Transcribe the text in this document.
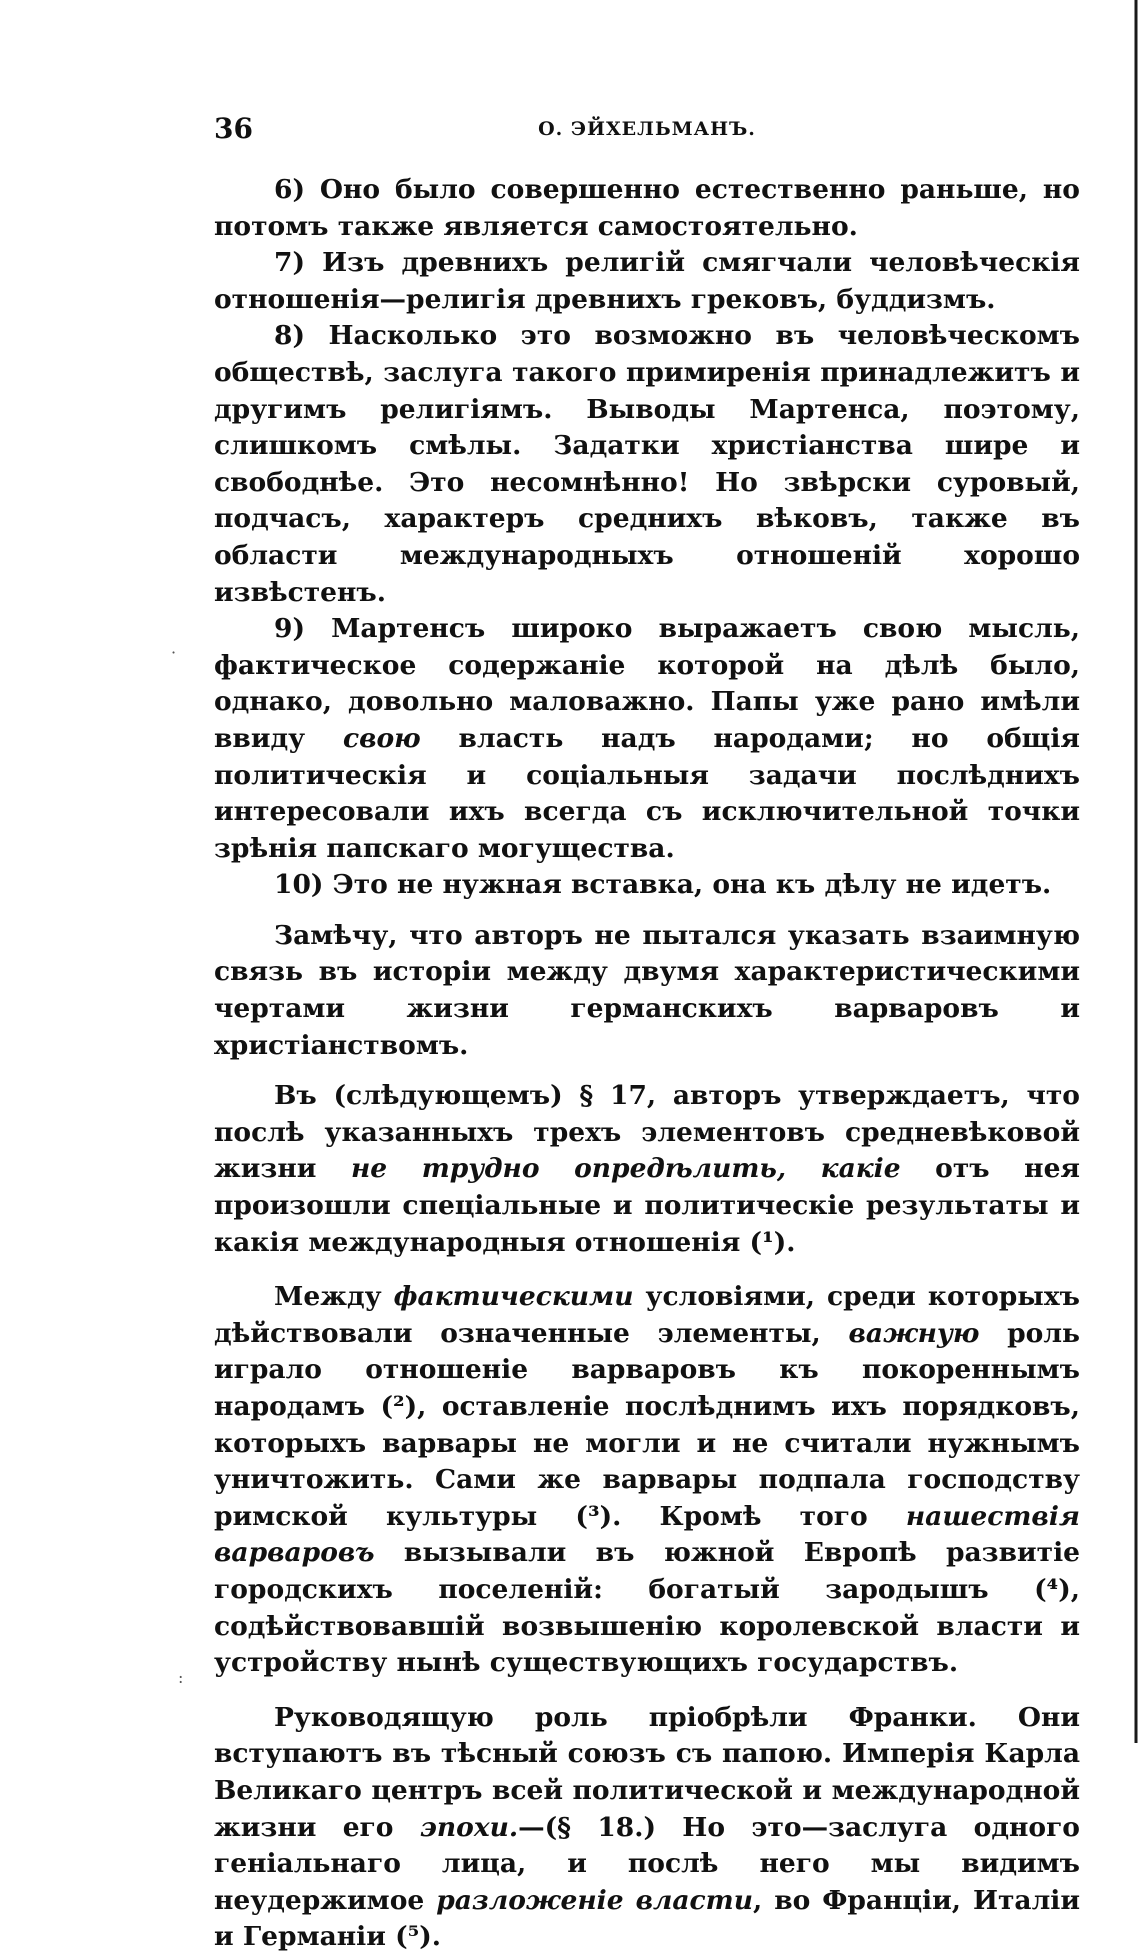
36	О. ЭЙХЕЛЬМАНЪ.

6) Оно было совершенно естественно раньше, но потомъ также является самостоятельно.

7) Изъ древнихъ религій смягчали человѣческія отношенія—религія древнихъ грековъ, буддизмъ.

8) Насколько это возможно въ человѣческомъ обществѣ, заслуга такого примиренія принадлежитъ и другимъ религіямъ. Выводы Мартенса, поэтому, слишкомъ смѣлы. Задатки христіанства шире и свободнѣе. Это несомнѣнно! Но звѣрски суровый, подчасъ, характеръ среднихъ вѣковъ, также въ области международныхъ отношеній хорошо извѣстенъ.

9) Мартенсъ широко выражаетъ свою мысль, фактическое содержаніе которой на дѣлѣ было, однако, довольно маловажно. Папы уже рано имѣли ввиду свою власть надъ народами; но общія политическія и соціальныя задачи послѣднихъ интересовали ихъ всегда съ исключительной точки зрѣнія папскаго могущества.

10) Это не нужная вставка, она къ дѣлу не идетъ.

Замѣчу, что авторъ не пытался указать взаимную связь въ исторіи между двумя характеристическими чертами жизни германскихъ варваровъ и христіанствомъ.

Въ (слѣдующемъ) § 17, авторъ утверждаетъ, что послѣ указанныхъ трехъ элементовъ средневѣковой жизни не трудно опредѣлить, какіе отъ нея произошли спеціальные и политическіе результаты и какія международныя отношенія (¹).

Между фактическими условіями, среди которыхъ дѣйствовали означенные элементы, важную роль играло отношеніе варваровъ къ покореннымъ народамъ (²), оставленіе послѣднимъ ихъ порядковъ, которыхъ варвары не могли и не считали нужнымъ уничтожить. Сами же варвары подпала господству римской культуры (³). Кромѣ того нашествія варваровъ вызывали въ южной Европѣ развитіе городскихъ поселеній: богатый зародышъ (⁴), содѣйствовавшій возвышенію королевской власти и устройству нынѣ существующихъ государствъ.

Руководящую роль пріобрѣли Франки. Они вступаютъ въ тѣсный союзъ съ папою. Имперія Карла Великаго центръ всей политической и международной жизни его эпохи.—(§ 18.) Но это—заслуга одного геніальнаго лица, и послѣ него мы видимъ неудержимое разложеніе власти, во Франціи, Италіи и Германіи (⁵).

·
:
